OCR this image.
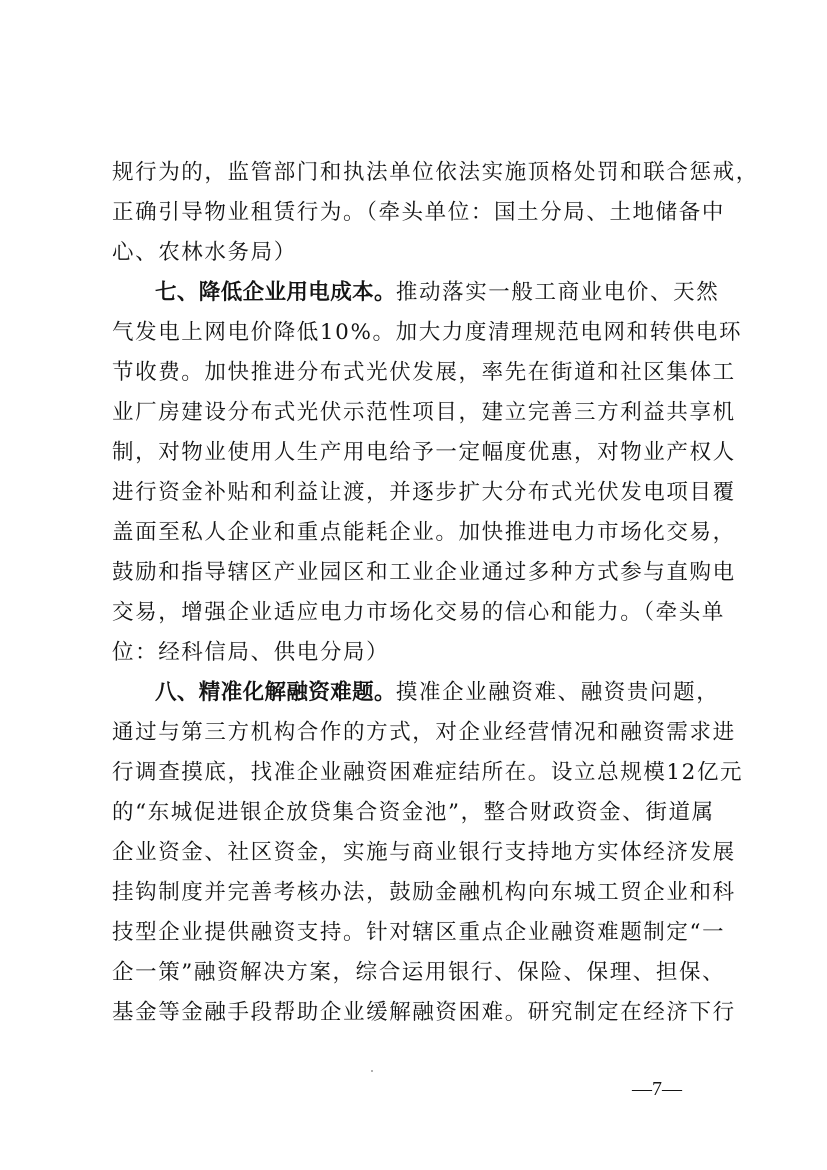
规行为的，监管部门和执法单位依法实施顶格处罚和联合惩戒，
正确引导物业租赁行为。（牵头单位：国土分局、土地储备中
心、农林水务局）
七、降低企业用电成本。推动落实一般工商业电价、天然
气发电上网电价降低10%。加大力度清理规范电网和转供电环
节收费。加快推进分布式光伏发展，率先在街道和社区集体工
业厂房建设分布式光伏示范性项目，建立完善三方利益共享机
制，对物业使用人生产用电给予一定幅度优惠，对物业产权人
进行资金补贴和利益让渡，并逐步扩大分布式光伏发电项目覆
盖面至私人企业和重点能耗企业。加快推进电力市场化交易，
鼓励和指导辖区产业园区和工业企业通过多种方式参与直购电
交易，增强企业适应电力市场化交易的信心和能力。（牵头单
位：经科信局、供电分局）
八、精准化解融资难题。摸准企业融资难、融资贵问题，
通过与第三方机构合作的方式，对企业经营情况和融资需求进
行调查摸底，找准企业融资困难症结所在。设立总规模12亿元
的“东城促进银企放贷集合资金池”，整合财政资金、街道属
企业资金、社区资金，实施与商业银行支持地方实体经济发展
挂钩制度并完善考核办法，鼓励金融机构向东城工贸企业和科
技型企业提供融资支持。针对辖区重点企业融资难题制定“一
企一策”融资解决方案，综合运用银行、保险、保理、担保、
基金等金融手段帮助企业缓解融资困难。研究制定在经济下行
—7—
